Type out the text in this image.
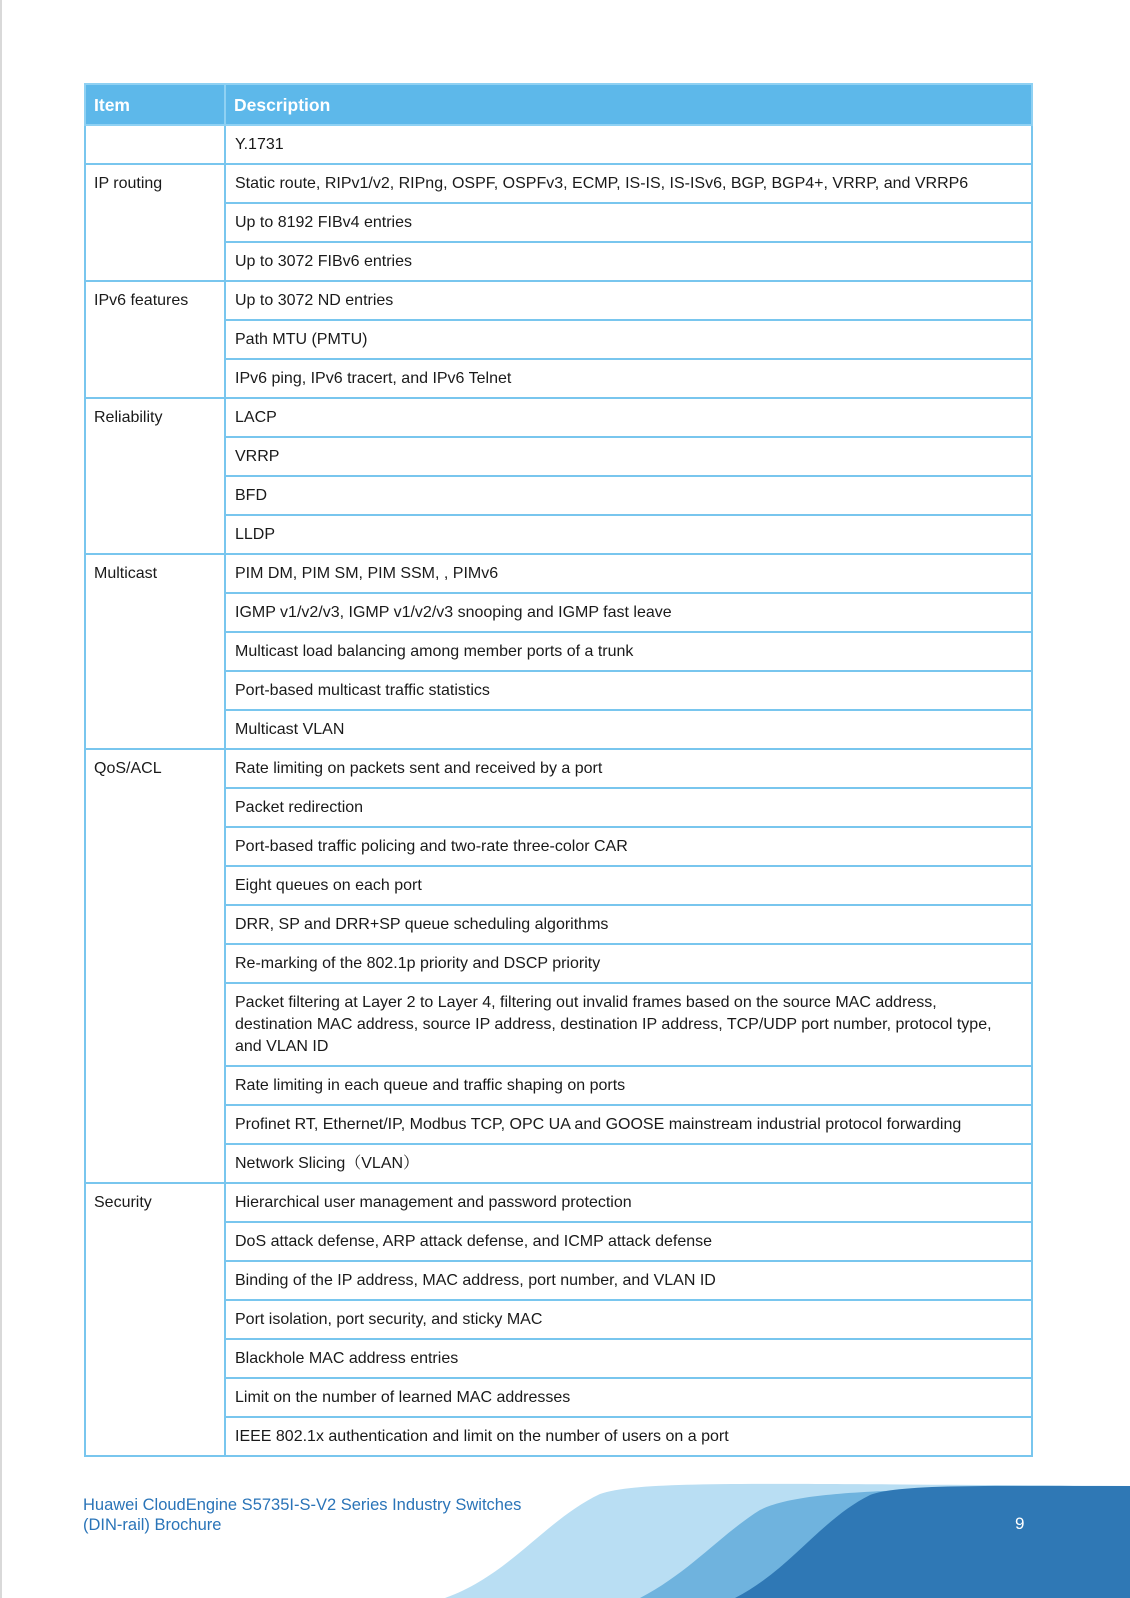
Item	Description
	Y.1731
IP routing	Static route, RIPv1/v2, RIPng, OSPF, OSPFv3, ECMP, IS-IS, IS-ISv6, BGP, BGP4+, VRRP, and VRRP6
	Up to 8192 FIBv4 entries
	Up to 3072 FIBv6 entries
IPv6 features	Up to 3072 ND entries
	Path MTU (PMTU)
	IPv6 ping, IPv6 tracert, and IPv6 Telnet
Reliability	LACP
	VRRP
	BFD
	LLDP
Multicast	PIM DM, PIM SM, PIM SSM, , PIMv6
	IGMP v1/v2/v3, IGMP v1/v2/v3 snooping and IGMP fast leave
	Multicast load balancing among member ports of a trunk
	Port-based multicast traffic statistics
	Multicast VLAN
QoS/ACL	Rate limiting on packets sent and received by a port
	Packet redirection
	Port-based traffic policing and two-rate three-color CAR
	Eight queues on each port
	DRR, SP and DRR+SP queue scheduling algorithms
	Re-marking of the 802.1p priority and DSCP priority
	Packet filtering at Layer 2 to Layer 4, filtering out invalid frames based on the source MAC address, destination MAC address, source IP address, destination IP address, TCP/UDP port number, protocol type, and VLAN ID
	Rate limiting in each queue and traffic shaping on ports
	Profinet RT, Ethernet/IP, Modbus TCP, OPC UA and GOOSE mainstream industrial protocol forwarding
	Network Slicing（VLAN）
Security	Hierarchical user management and password protection
	DoS attack defense, ARP attack defense, and ICMP attack defense
	Binding of the IP address, MAC address, port number, and VLAN ID
	Port isolation, port security, and sticky MAC
	Blackhole MAC address entries
	Limit on the number of learned MAC addresses
	IEEE 802.1x authentication and limit on the number of users on a port
Huawei CloudEngine S5735I-S-V2 Series Industry Switches
(DIN-rail) Brochure	9
